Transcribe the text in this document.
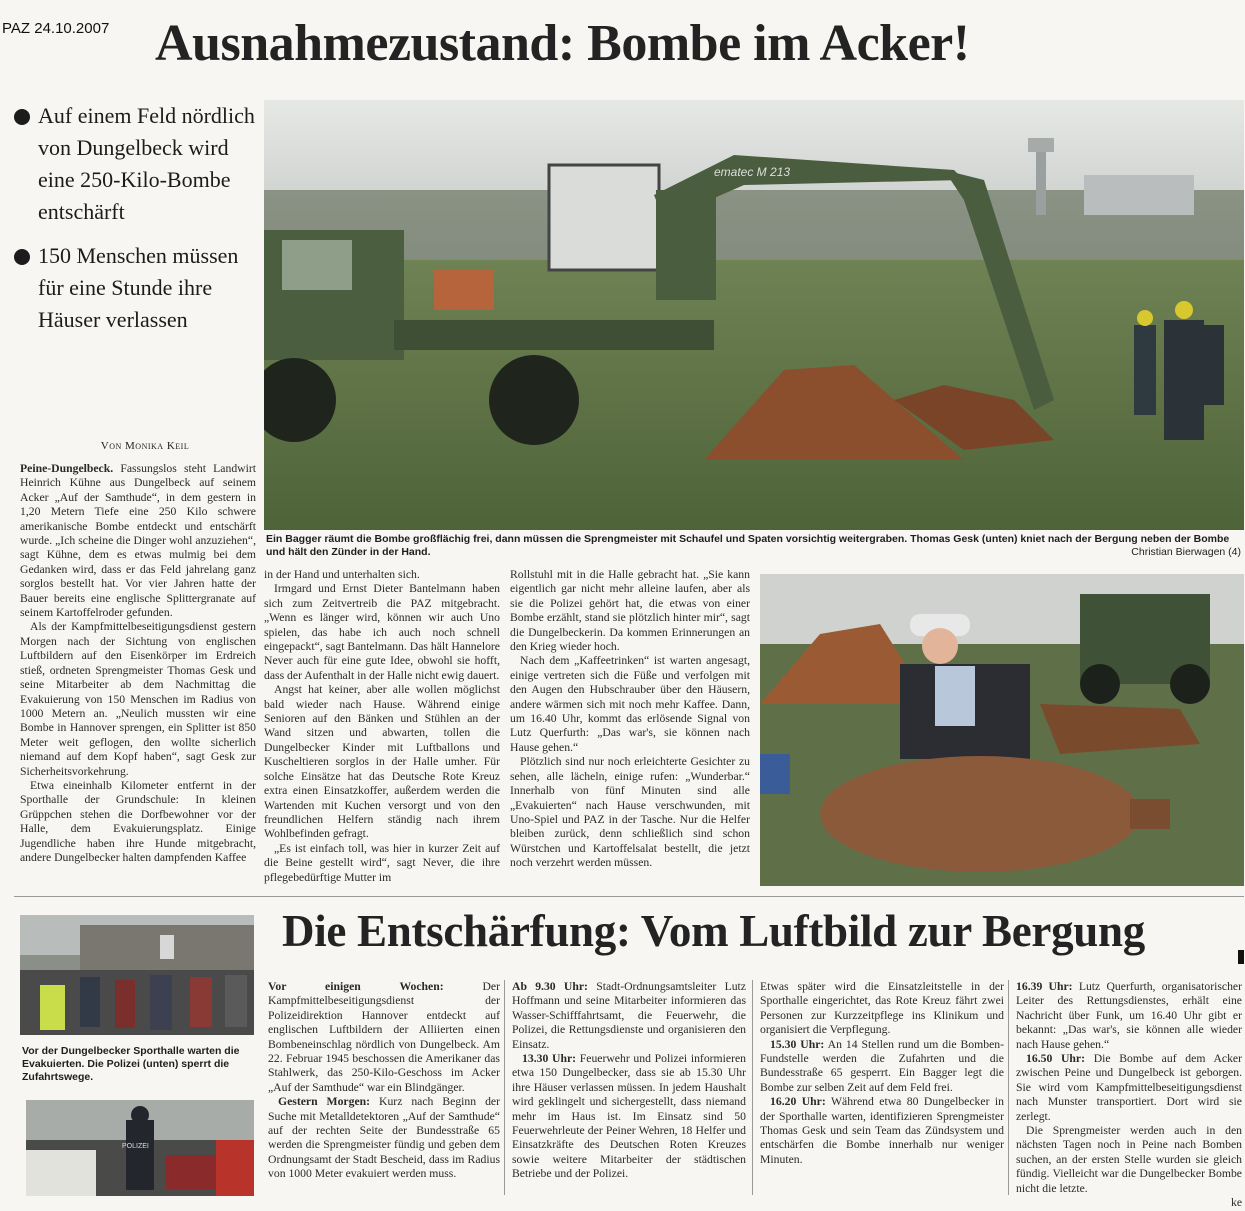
PAZ 24.10.2007 Ausnahmezustand: Bombe im Acker!
Auf einem Feld nördlich von Dungelbeck wird eine 250-Kilo-Bombe entschärft
150 Menschen müssen für eine Stunde ihre Häuser verlassen
Von Monika Keil
ematec M 213
Ein Bagger räumt die Bombe großflächig frei, dann müssen die Sprengmeister mit Schaufel und Spaten vorsichtig weitergraben. Thomas Gesk (unten) kniet nach der Bergung neben der Bombe und hält den Zünder in der Hand.	Christian Bierwagen (4)

Peine-Dungelbeck. Fassungslos steht Landwirt Heinrich Kühne aus Dungelbeck auf seinem Acker „Auf der Samthude“, in dem gestern in 1,20 Metern Tiefe eine 250 Kilo schwere amerikanische Bombe entdeckt und entschärft wurde. „Ich scheine die Dinger wohl anzuziehen“, sagt Kühne, dem es etwas mulmig bei dem Gedanken wird, dass er das Feld jahrelang ganz sorglos bestellt hat. Vor vier Jahren hatte der Bauer bereits eine englische Splittergranate auf seinem Kartoffelroder gefunden.

Als der Kampfmittelbeseitigungsdienst gestern Morgen nach der Sichtung von englischen Luftbildern auf den Eisenkörper im Erdreich stieß, ordneten Sprengmeister Thomas Gesk und seine Mitarbeiter ab dem Nachmittag die Evakuierung von 150 Menschen im Radius von 1000 Metern an. „Neulich mussten wir eine Bombe in Hannover sprengen, ein Splitter ist 850 Meter weit geflogen, den wollte sicherlich niemand auf dem Kopf haben“, sagt Gesk zur Sicherheitsvorkehrung.

Etwa eineinhalb Kilometer entfernt in der Sporthalle der Grundschule: In kleinen Grüppchen stehen die Dorfbewohner vor der Halle, dem Evakuierungsplatz. Einige Jugendliche haben ihre Hunde mitgebracht, andere Dungelbecker halten dampfenden Kaffee

in der Hand und unterhalten sich.

Irmgard und Ernst Dieter Bantelmann haben sich zum Zeitvertreib die PAZ mitgebracht. „Wenn es länger wird, können wir auch Uno spielen, das habe ich auch noch schnell eingepackt“, sagt Bantelmann. Das hält Hannelore Never auch für eine gute Idee, obwohl sie hofft, dass der Aufenthalt in der Halle nicht ewig dauert.

Angst hat keiner, aber alle wollen möglichst bald wieder nach Hause. Während einige Senioren auf den Bänken und Stühlen an der Wand sitzen und abwarten, tollen die Dungelbecker Kinder mit Luftballons und Kuscheltieren sorglos in der Halle umher. Für solche Einsätze hat das Deutsche Rote Kreuz extra einen Einsatzkoffer, außerdem werden die Wartenden mit Kuchen versorgt und von den freundlichen Helfern ständig nach ihrem Wohlbefinden gefragt.

„Es ist einfach toll, was hier in kurzer Zeit auf die Beine gestellt wird“, sagt Never, die ihre pflegebedürftige Mutter im

Rollstuhl mit in die Halle gebracht hat. „Sie kann eigentlich gar nicht mehr alleine laufen, aber als sie die Polizei gehört hat, die etwas von einer Bombe erzählt, stand sie plötzlich hinter mir“, sagt die Dungelbeckerin. Da kommen Erinnerungen an den Krieg wieder hoch.

Nach dem „Kaffeetrinken“ ist warten angesagt, einige vertreten sich die Füße und verfolgen mit den Augen den Hubschrauber über den Häusern, andere wärmen sich mit noch mehr Kaffee. Dann, um 16.40 Uhr, kommt das erlösende Signal von Lutz Querfurth: „Das war's, sie können nach Hause gehen.“

Plötzlich sind nur noch erleichterte Gesichter zu sehen, alle lächeln, einige rufen: „Wunderbar.“ Innerhalb von fünf Minuten sind alle „Evakuierten“ nach Hause verschwunden, mit Uno-Spiel und PAZ in der Tasche. Nur die Helfer bleiben zurück, denn schließlich sind schon Würstchen und Kartoffelsalat bestellt, die jetzt noch verzehrt werden müssen.

Die Entschärfung: Vom Luftbild zur Bergung
Vor der Dungelbecker Sporthalle warten die Evakuierten. Die Polizei (unten) sperrt die Zufahrtswege.
POLIZEI

Vor einigen Wochen:	Der Kampfmittelbeseitigungsdienst der Polizeidirektion Hannover entdeckt auf englischen Luftbildern der Alliierten einen Bombeneinschlag nördlich von Dungelbeck. Am 22. Februar 1945 beschossen die Amerikaner das Stahlwerk, das 250-Kilo-Geschoss im Acker „Auf der Samthude“ war ein Blindgänger.

Gestern Morgen: Kurz nach Beginn der Suche mit Metalldetektoren „Auf der Samthude“ auf der rechten Seite der Bundesstraße 65 werden die Sprengmeister fündig und geben dem Ordnungsamt der Stadt Bescheid, dass im Radius von 1000 Meter evakuiert werden muss.

Ab 9.30 Uhr: Stadt-Ordnungsamtsleiter Lutz Hoffmann und seine Mitarbeiter informieren das Wasser-Schifffahrtsamt, die Feuerwehr, die Polizei, die Rettungsdienste und organisieren den Einsatz.

13.30 Uhr: Feuerwehr und Polizei informieren etwa 150 Dungelbecker, dass sie ab 15.30 Uhr ihre Häuser verlassen müssen. In jedem Haushalt wird geklingelt und sichergestellt, dass niemand mehr im Haus ist. Im Einsatz sind 50 Feuerwehrleute der Peiner Wehren, 18 Helfer und Einsatzkräfte des Deutschen Roten Kreuzes sowie weitere Mitarbeiter der städtischen Betriebe und der Polizei.

Etwas später wird die Einsatzleitstelle in der Sporthalle eingerichtet, das Rote Kreuz fährt zwei Personen zur Kurzzeitpflege ins Klinikum und organisiert die Verpflegung.

15.30 Uhr: An 14 Stellen rund um die Bomben-Fundstelle werden die Zufahrten und die Bundesstraße 65 gesperrt. Ein Bagger legt die Bombe zur selben Zeit auf dem Feld frei.

16.20 Uhr: Während etwa 80 Dungelbecker in der Sporthalle warten, identifizieren Sprengmeister Thomas Gesk und sein Team das Zündsystem und entschärfen die Bombe innerhalb nur weniger Minuten.

16.39 Uhr: Lutz Querfurth, organisatorischer Leiter des Rettungsdienstes, erhält eine Nachricht über Funk, um 16.40 Uhr gibt er bekannt: „Das war's, sie können alle wieder nach Hause gehen.“

16.50 Uhr: Die Bombe auf dem Acker zwischen Peine und Dungelbeck ist geborgen. Sie wird vom Kampfmittelbeseitigungsdienst nach Munster transportiert. Dort wird sie zerlegt.

Die Sprengmeister werden auch in den nächsten Tagen noch in Peine nach Bomben suchen, an der ersten Stelle wurden sie gleich fündig. Vielleicht war die Dungelbecker Bombe nicht die letzte.

ke
